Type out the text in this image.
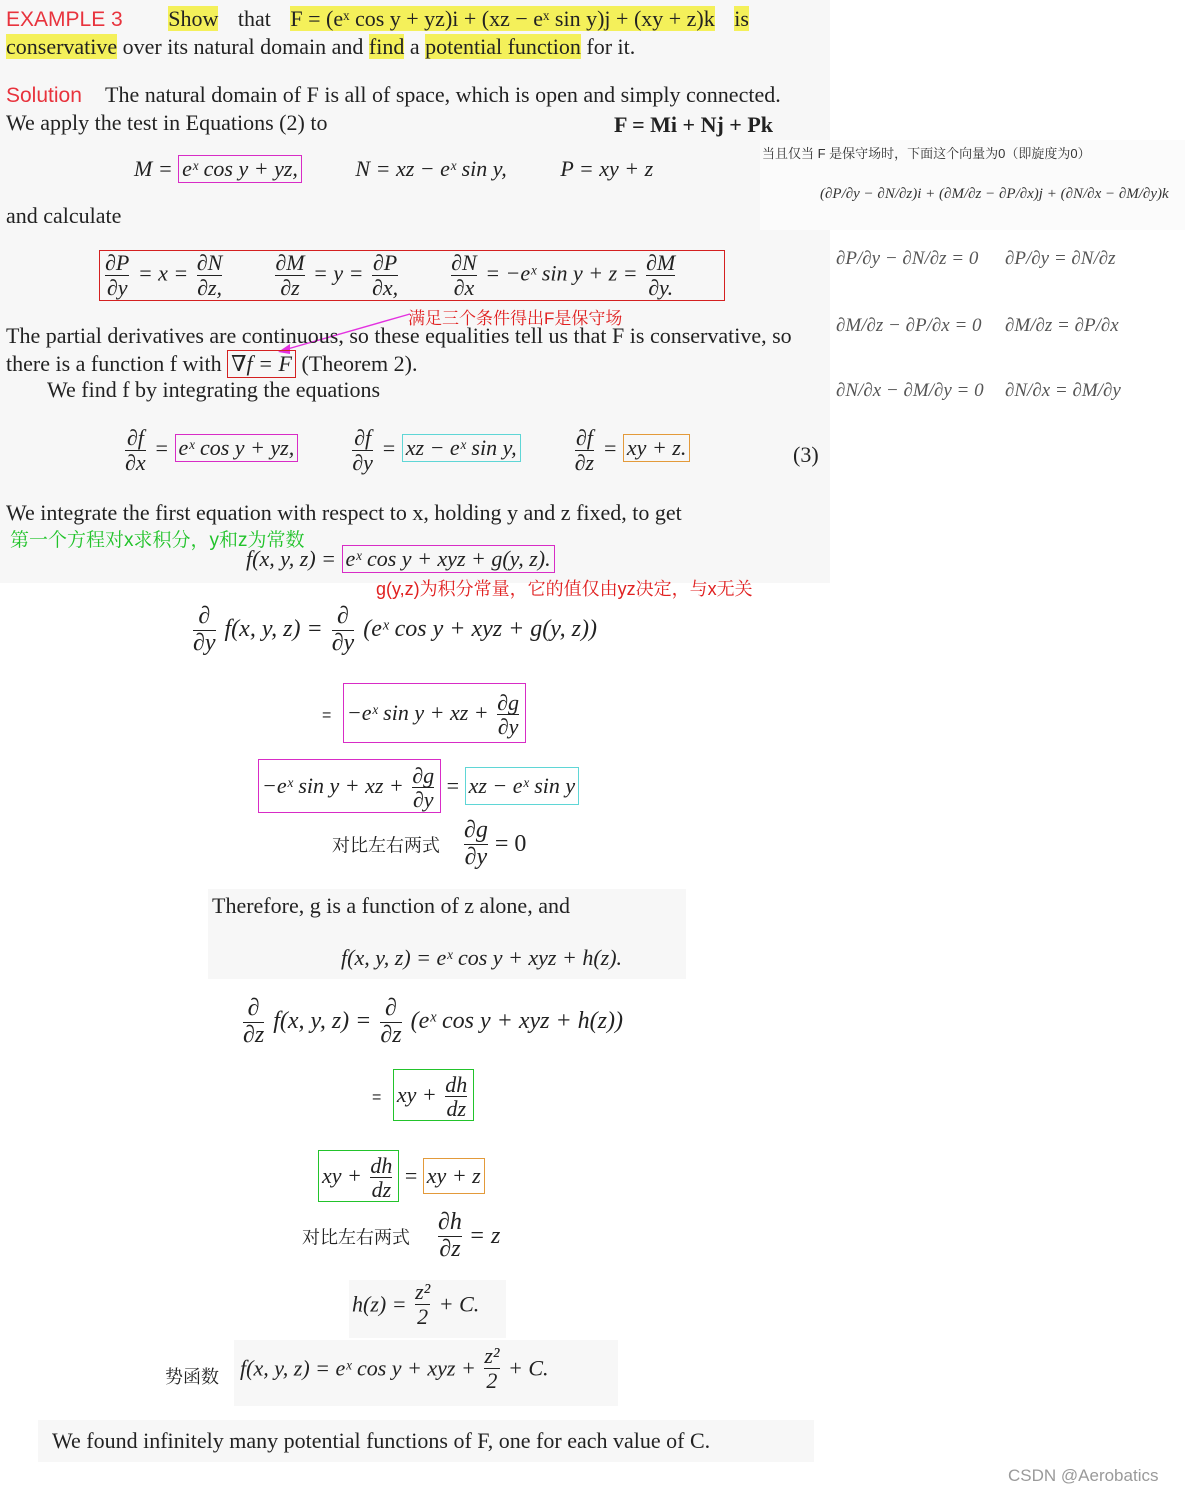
EXAMPLE 3 Show that F = (eˣ cos y + yz)i + (xz − eˣ sin y)j + (xy + z)k is
conservative over its natural domain and find a potential function for it.
Solution The natural domain of F is all of space, which is open and simply connected.
We apply the test in Equations (2) to	F = Mi + Nj + Pk
M = eˣ cos y + yz,	N = xz − eˣ sin y, P = xy + z
and calculate
$\frac{\partial P}{\partial y} = x = \frac{\partial N}{\partial z,}$
$\frac{\partial M}{\partial z} = y = \frac{\partial P}{\partial x,}$
$\frac{\partial N}{\partial x}$ = −eˣ $\sin y + z = \frac{\partial M}{\partial y.}$
满足三个条件得出F是保守场
The partial derivatives are continuous, so these equalities tell us that F is conservative, so
there is a function f with ∇f = F (Theorem 2).
We find f by integrating the equations
$\frac{\partial f}{\partial x}$ = eˣ cos y + yz,	$\frac{\partial f}{\partial y}$ = xz − eˣ sin y,	$\frac{\partial f}{\partial z}$ = xy + z.	(3)
We integrate the first equation with respect to x, holding y and z fixed, to get
第一个方程对x求积分，y和z为常数
f(x, y, z) = eˣ cos y + xyz + g(y, z).
g(y,z)为积分常量，它的值仅由yz决定，与x无关
当且仅当 F 是保守场时，下面这个向量为0（即旋度为0）
(∂P/∂y − ∂N/∂z)i + (∂M/∂z − ∂P/∂x)j + (∂N/∂x − ∂M/∂y)k
∂P/∂y − ∂N/∂z = 0 ∂P/∂y = ∂N/∂z
∂M/∂z − ∂P/∂x = 0 ∂M/∂z = ∂P/∂x
∂N/∂x − ∂M/∂y = 0 ∂N/∂x = ∂M/∂y
$\frac{\partial}{\partial y} f(x$, y, $z) = \frac{\partial}{\partial y}$ (eˣ cos y + xyz + g(y, z))
= −eˣ sin y + xz + $\frac{\partial g}{\partial y}$
−eˣ sin y + xz + $\frac{\partial g}{\partial y}$ = xz − eˣ sin y
对比左右两式 $\frac{\partial g}{\partial y} = 0$
Therefore, g is a function of z alone, and
f(x, y, z) = eˣ cos y + xyz + h(z).
$\frac{\partial}{\partial z} f(x$, y, $z) = \frac{\partial}{\partial z}$ (eˣ cos y + xyz + h(z))
= xy + $\frac{dh}{dz}$
xy + $\frac{dh}{dz}$ = xy + z
对比左右两式 $\frac{\partial h}{\partial z} = z$
$h(z) = \frac{\text{z²}}{2} + C$.
势函数 f(x, y, z) = eˣ cos y + xyz + $\frac{\text{z²}}{2} + C$.
We found infinitely many potential functions of F, one for each value of C.
CSDN @Aerobatics
